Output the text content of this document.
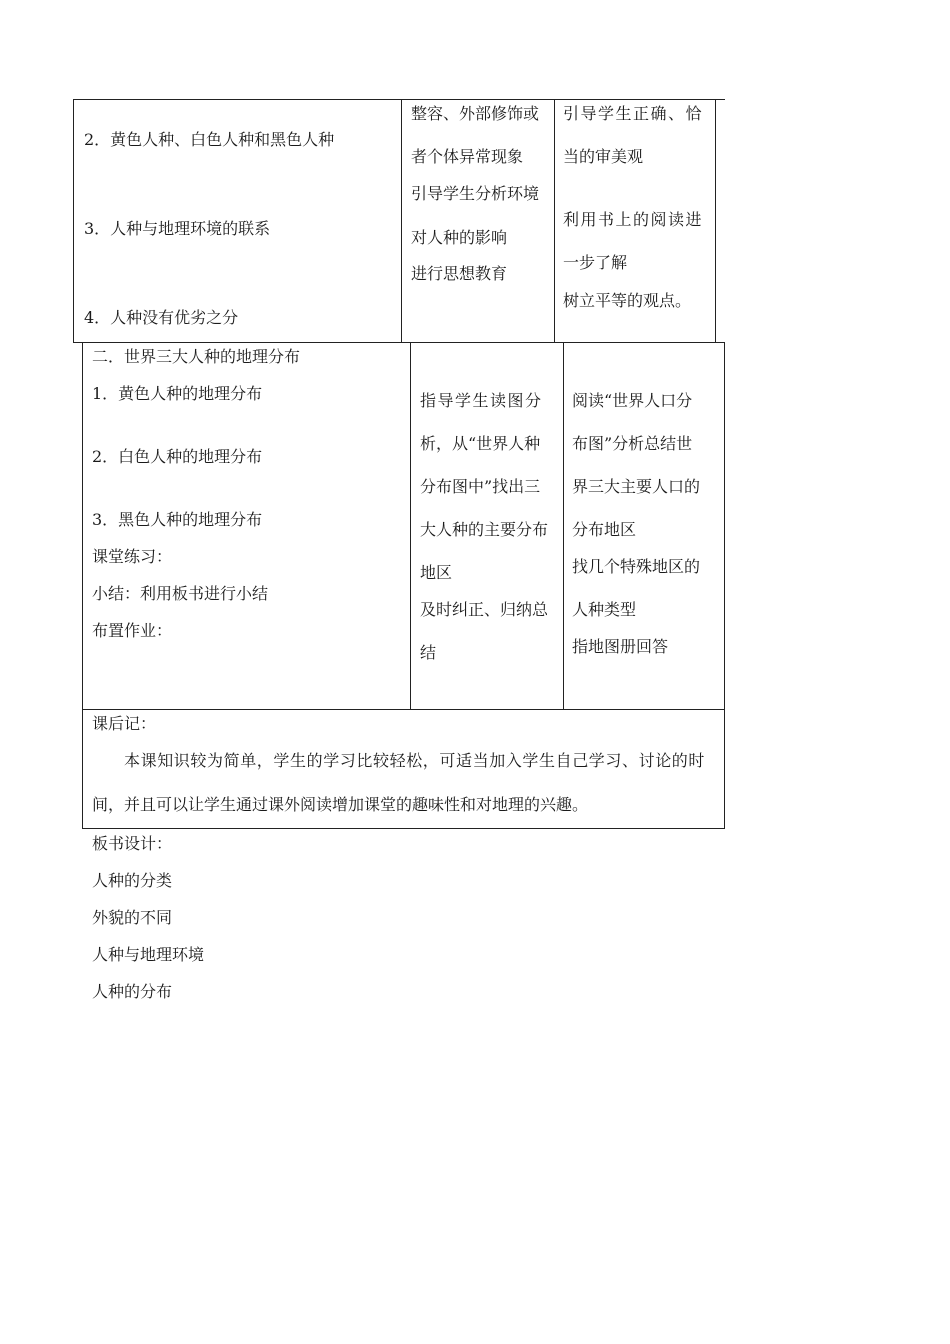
2．黄色人种、白色人种和黑色人种
3．人种与地理环境的联系
4．人种没有优劣之分
整容、外部修饰或
者个体异常现象
引导学生分析环境
对人种的影响
进行思想教育
引导学生正确、恰
当的审美观
利用书上的阅读进
一步了解
树立平等的观点。
二．世界三大人种的地理分布
1．黄色人种的地理分布
2．白色人种的地理分布
3．黑色人种的地理分布
课堂练习：
小结：利用板书进行小结
布置作业：
指导学生读图分
析，从“世界人种
分布图中”找出三
大人种的主要分布
地区
及时纠正、归纳总
结
阅读“世界人口分
布图”分析总结世
界三大主要人口的
分布地区
找几个特殊地区的
人种类型
指地图册回答
课后记：
本课知识较为简单，学生的学习比较轻松，可适当加入学生自己学习、讨论的时
间，并且可以让学生通过课外阅读增加课堂的趣味性和对地理的兴趣。
板书设计：
人种的分类
外貌的不同
人种与地理环境
人种的分布
